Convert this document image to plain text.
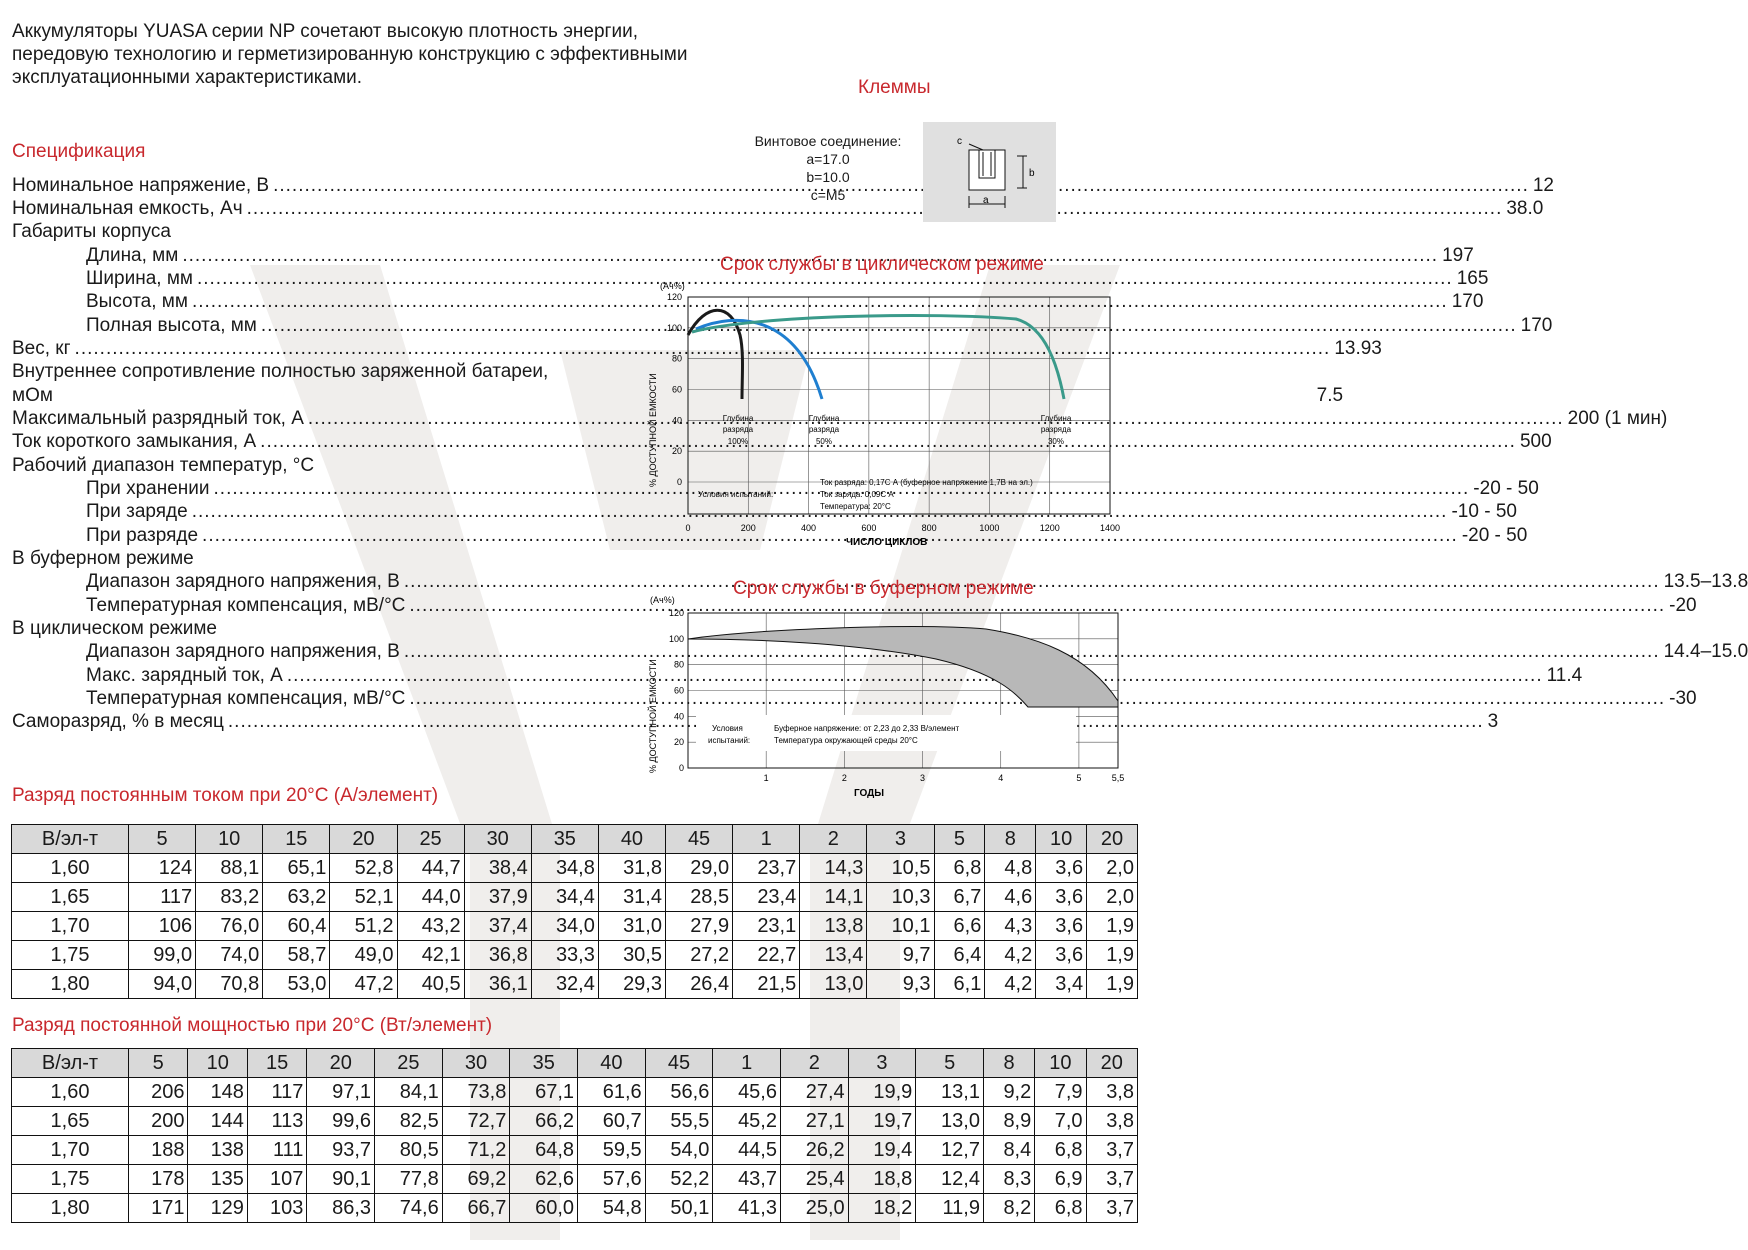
Аккумуляторы YUASA серии NP сочетают высокую плотность энергии, передовую технологию и герметизированную конструкцию с эффективными эксплуатационными характеристиками.
Спецификация
Номинальное напряжение, В .....	12
Номинальная емкость, Ач .....	38.0
Габариты корпуса
Длина, мм .....	197
Ширина, мм .....	165
Высота, мм .....	170
Полная высота, мм .....	170
Вес, кг .....	13.93
Внутреннее сопротивление полностью заряженной батареи,
мОм	7.5
Максимальный разрядный ток, А .....	200 (1 мин)
Ток короткого замыкания, А .....	500
Рабочий диапазон температур, °С
При хранении .....	-20 - 50
При заряде .....	-10 - 50
При разряде .....	-20 - 50
В буферном режиме
Диапазон зарядного напряжения, В .....	13.5–13.8
Температурная компенсация, мВ/°С .....	-20
В циклическом режиме
Диапазон зарядного напряжения, В .....	14.4–15.0
Макс. зарядный ток, А .....	11.4
Температурная компенсация, мВ/°С .....	-30
Саморазряд, % в месяц .....	3
Клеммы
Винтовое соединение:
a=17.0
b=10.0
c=M5	a
b
c
Срок службы в циклическом режиме
(Ач%)
% ДОСТУПНОЙ ЕМКОСТИ
ЧИСЛО ЦИКЛОВ
120
100
80
60
40
20
0
0	200	400	600	800	1000	1200	1400
Глубина
разряда
100%
Глубина
разряда
50%
Глубина
разряда
30%
Условия испытаний:
Ток разряда: 0,17С А (буферное напряжение 1,7В на эл.)
Ток заряда: 0,09С А
Температура: 20°С
Срок службы в буферном режиме
(Ач%)
% ДОСТУПНОЙ ЕМКОСТИ
ГОДЫ
120
100
80
60
40
20
0
1	2	3	4	5	5,5
Условия
испытаний:
Буферное напряжение: от 2,23 до 2,33 В/элемент
Температура окружающей среды 20°С
Разряд постоянным током при 20°С (А/элемент)
В/эл-т	5	10	15	20	25	30	35	40	45	1	2	3	5	8	10	20
1,60	124	88,1	65,1	52,8	44,7	38,4	34,8	31,8	29,0	23,7	14,3	10,5	6,8	4,8	3,6	2,0
1,65	117	83,2	63,2	52,1	44,0	37,9	34,4	31,4	28,5	23,4	14,1	10,3	6,7	4,6	3,6	2,0
1,70	106	76,0	60,4	51,2	43,2	37,4	34,0	31,0	27,9	23,1	13,8	10,1	6,6	4,3	3,6	1,9
1,75	99,0	74,0	58,7	49,0	42,1	36,8	33,3	30,5	27,2	22,7	13,4	9,7	6,4	4,2	3,6	1,9
1,80	94,0	70,8	53,0	47,2	40,5	36,1	32,4	29,3	26,4	21,5	13,0	9,3	6,1	4,2	3,4	1,9
Разряд постоянной мощностью при 20°С (Вт/элемент)
В/эл-т	5	10	15	20	25	30	35	40	45	1	2	3	5	8	10	20
1,60	206	148	117	97,1	84,1	73,8	67,1	61,6	56,6	45,6	27,4	19,9	13,1	9,2	7,9	3,8
1,65	200	144	113	99,6	82,5	72,7	66,2	60,7	55,5	45,2	27,1	19,7	13,0	8,9	7,0	3,8
1,70	188	138	111	93,7	80,5	71,2	64,8	59,5	54,0	44,5	26,2	19,4	12,7	8,4	6,8	3,7
1,75	178	135	107	90,1	77,8	69,2	62,6	57,6	52,2	43,7	25,4	18,8	12,4	8,3	6,9	3,7
1,80	171	129	103	86,3	74,6	66,7	60,0	54,8	50,1	41,3	25,0	18,2	11,9	8,2	6,8	3,7
